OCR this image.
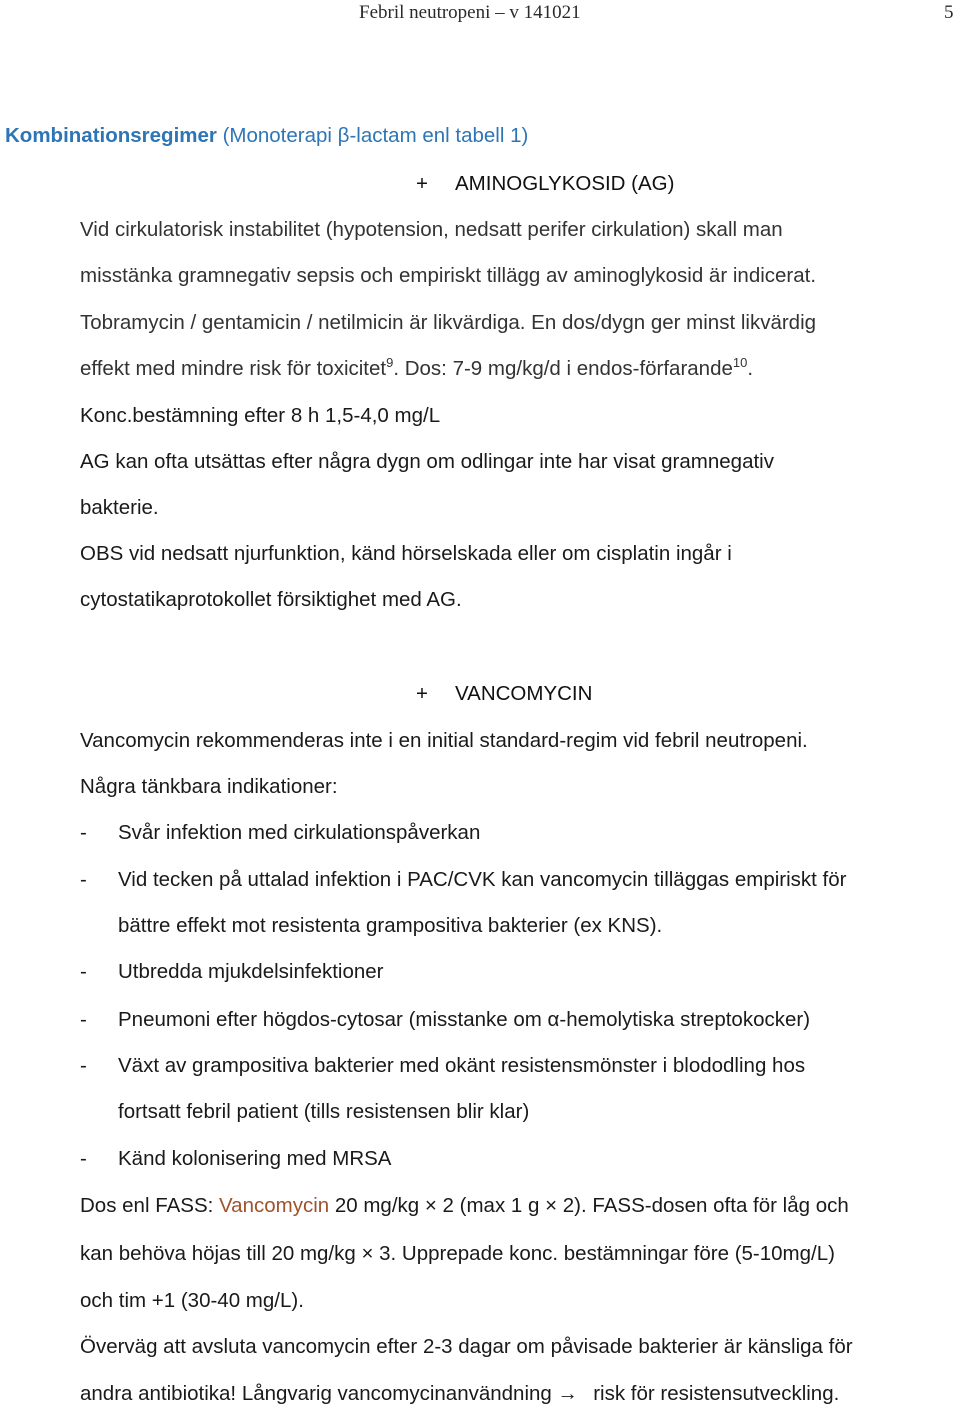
Febril neutropeni – v 141021	5
Kombinationsregimer (Monoterapi β-lactam enl tabell 1)
+ AMINOGLYKOSID (AG)
Vid cirkulatorisk instabilitet (hypotension, nedsatt perifer cirkulation) skall man
misstänka gramnegativ sepsis och empiriskt tillägg av aminoglykosid är indicerat.
Tobramycin / gentamicin / netilmicin är likvärdiga. En dos/dygn ger minst likvärdig
effekt med mindre risk för toxicitet$^9$. Dos: 7-9 mg/kg/d i endos-förfarande$^{10}$.
Konc.bestämning efter 8 h 1,5-4,0 mg/L
AG kan ofta utsättas efter några dygn om odlingar inte har visat gramnegativ
bakterie.
OBS vid nedsatt njurfunktion, känd hörselskada eller om cisplatin ingår i
cytostatikaprotokollet försiktighet med AG.
+ VANCOMYCIN
Vancomycin rekommenderas inte i en initial standard-regim vid febril neutropeni.
Några tänkbara indikationer:
- Svår infektion med cirkulationspåverkan
- Vid tecken på uttalad infektion i PAC/CVK kan vancomycin tilläggas empiriskt för
bättre effekt mot resistenta grampositiva bakterier (ex KNS).
- Utbredda mjukdelsinfektioner
- Pneumoni efter högdos-cytosar (misstanke om α-hemolytiska streptokocker)
- Växt av grampositiva bakterier med okänt resistensmönster i blododling hos
fortsatt febril patient (tills resistensen blir klar)
- Känd kolonisering med MRSA
Dos enl FASS: Vancomycin 20 mg/kg × 2 (max 1 g × 2). FASS-dosen ofta för låg och
kan behöva höjas till 20 mg/kg × 3. Upprepade konc. bestämningar före (5-10mg/L)
och tim +1 (30-40 mg/L).
Överväg att avsluta vancomycin efter 2-3 dagar om påvisade bakterier är känsliga för
andra antibiotika! Långvarig vancomycinanvändning → risk för resistensutveckling.
